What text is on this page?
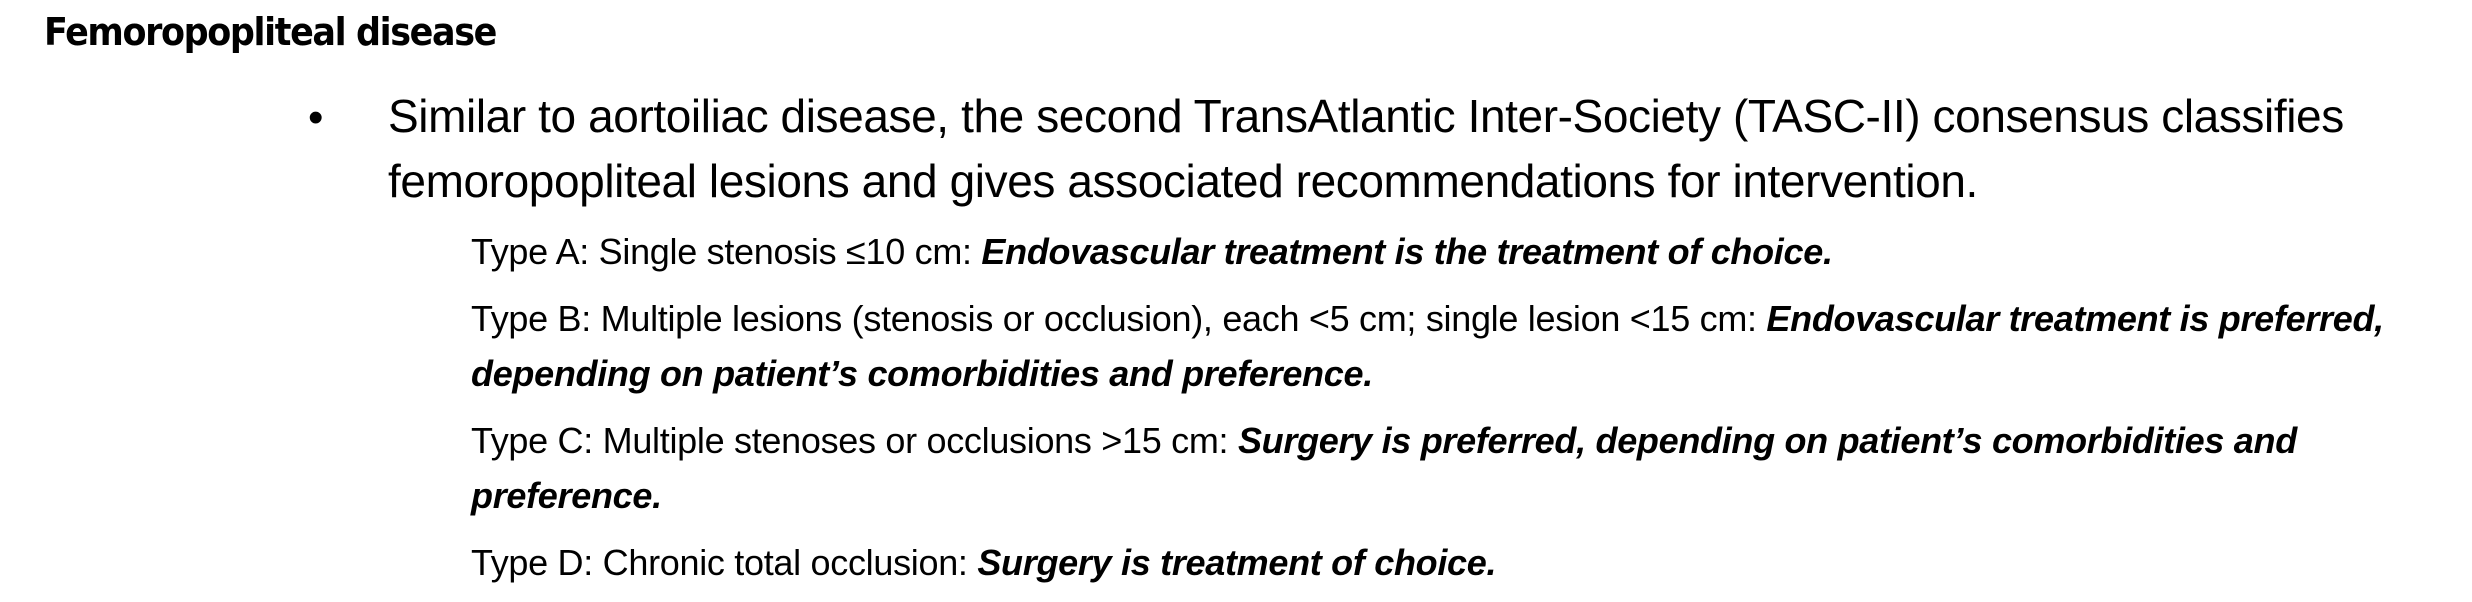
Femoropopliteal disease
• Similar to aortoiliac disease, the second TransAtlantic Inter-Society (TASC-II) consensus classifies femoropopliteal lesions and gives associated recommendations for intervention.
Type A: Single stenosis ≤10 cm: Endovascular treatment is the treatment of choice.
Type B: Multiple lesions (stenosis or occlusion), each <5 cm; single lesion <15 cm: Endovascular treatment is preferred, depending on patient’s comorbidities and preference.
Type C: Multiple stenoses or occlusions >15 cm: Surgery is preferred, depending on patient’s comorbidities and preference.
Type D: Chronic total occlusion: Surgery is treatment of choice.
